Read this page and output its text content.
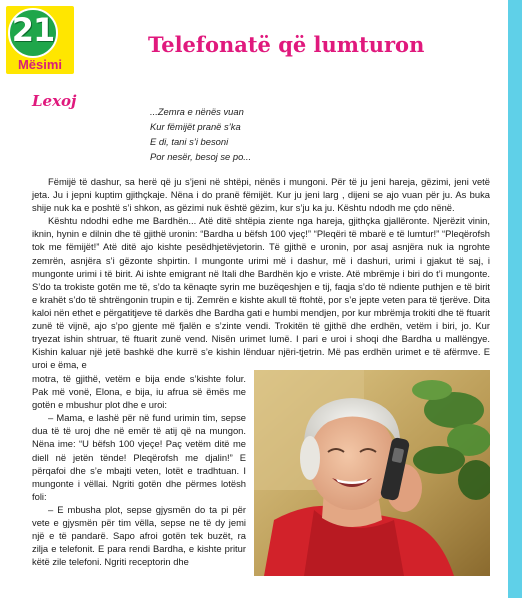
21
Mësimi
Telefonatë që lumturon
Lexoj
...Zemra e nënës vuan
Kur fëmijët pranë s’ka
E di, tani s’i besoni
Por nesër, besoj se po...

Fëmijë të dashur, sa herë që ju s’jeni në shtëpi, nënës i mungoni. Për të ju jeni hareja, gëzimi, jeni vetë jeta. Ju i jepni kuptim gjithçkaje. Nëna i do pranë fëmijët. Kur ju jeni larg , dijeni se ajo vuan për ju. As buka shije nuk ka e poshtë s’i shkon, as gëzimi nuk është gëzim, kur s’ju ka ju. Kështu ndodh me çdo nënë.

Kështu ndodhi edhe me Bardhën... Atë ditë shtëpia ziente nga hareja, gjithçka gjallëronte. Njerëzit vinin, iknin, hynin e dilnin dhe të gjithë uronin: “Bardha u bëfsh 100 vjeç!” “Pleqëri të mbarë e të lumtur!” “Pleqërofsh tok me fëmijët!” Atë ditë ajo kishte pesëdhjetëvjetorin. Të gjithë e uronin, por asaj asnjëra nuk ia ngrohte zemrën, asnjëra s’i gëzonte shpirtin. I mungonte urimi më i dashur, më i dashuri, urimi i gjakut të saj, i mungonte urimi i të birit. Ai ishte emigrant në Itali dhe Bardhën kjo e vriste. Atë mbrëmje i biri do t’i mungonte. S’do ta trokiste gotën me të, s’do ta kënaqte syrin me buzëqeshjen e tij, faqja s’do të ndiente puthjen e të birit e krahët s’do të shtrëngonin trupin e tij. Zemrën e kishte akull të ftohtë, por s’e jepte veten para të tjerëve. Dita kaloi nën ethet e përgatitjeve të darkës dhe Bardha gati e humbi mendjen, por kur mbrëmja trokiti dhe të ftuarit zunë të vijnë, ajo s’po gjente më fjalën e s’zinte vendi. Trokitën të gjithë dhe erdhën, vetëm i biri, jo. Kur tryezat ishin shtruar, të ftuarit zunë vend. Nisën urimet lumë. I pari e uroi i shoqi dhe Bardha u mallëngye. Kishin kaluar një jetë bashkë dhe kurrë s’e kishin lënduar njëri-tjetrin. Më pas erdhën urimet e të afërmve. E uroi e ëma, e

motra, të gjithë, vetëm e bija ende s’kishte folur. Pak më vonë, Elona, e bija, iu afrua së ëmës me gotën e mbushur plot dhe e uroi:

– Mama, e lashë për në fund urimin tim, sepse dua të të uroj dhe në emër të atij që na mungon. Nëna ime: “U bëfsh 100 vjeçe! Paç vetëm ditë me diell në jetën tënde! Pleqërofsh me djalin!” E përqafoi dhe s’e mbajti veten, lotët e tradhtuan. I mungonte i vëllai. Ngriti gotën dhe përmes lotësh foli:

– E mbusha plot, sepse gjysmën do ta pi për vete e gjysmën për tim vëlla, sepse ne të dy jemi një e të pandarë. Sapo afroi gotën tek buzët, ra zilja e telefonit. E para rendi Bardha, e kishte pritur këtë zile telefoni. Ngriti receptorin dhe
